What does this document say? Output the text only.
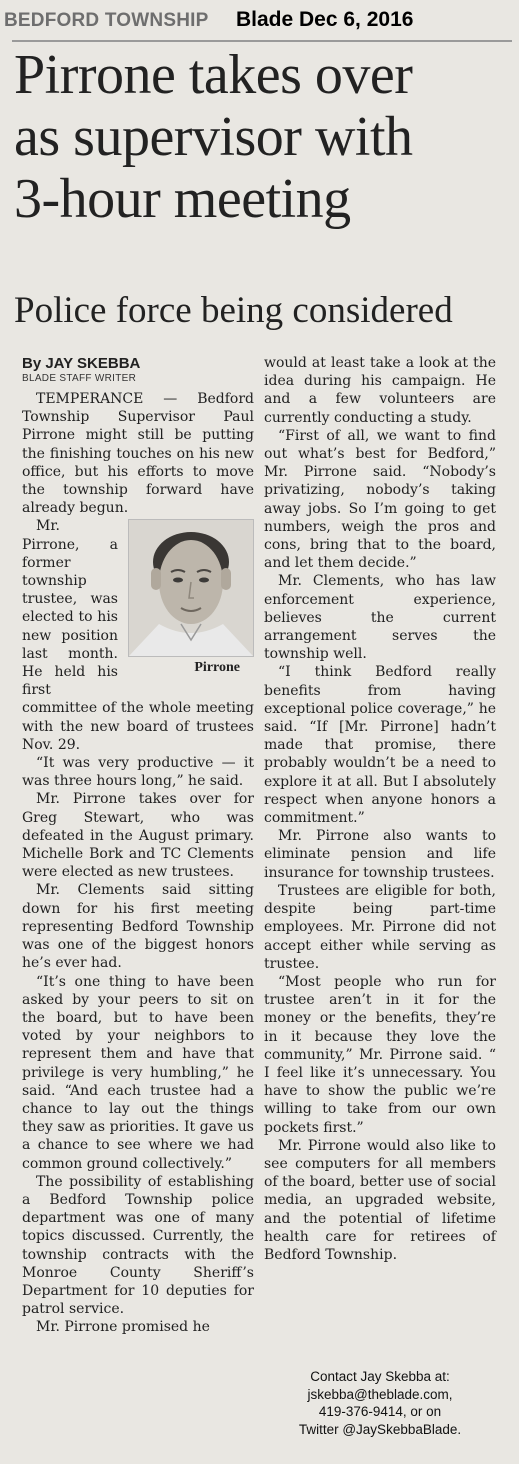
BEDFORD TOWNSHIP Blade Dec 6, 2016
Pirrone takes over
as supervisor with
3-hour meeting
Police force being considered
By JAY SKEBBA
BLADE STAFF WRITER

TEMPERANCE — Bedford Township Supervisor Paul Pirrone might still be putting the finishing touches on his new office, but his efforts to move the township forward have already begun.

Pirrone

Mr. Pirrone, a former township trustee, was elected to his new position last month. He held his first committee of the whole meeting with the new board of trustees Nov. 29.

“It was very productive — it was three hours long,” he said.

Mr. Pirrone takes over for Greg Stewart, who was defeated in the August primary. Michelle Bork and TC Clements were elected as new trustees.

Mr. Clements said sitting down for his first meeting representing Bedford Township was one of the biggest honors he’s ever had.

“It’s one thing to have been asked by your peers to sit on the board, but to have been voted by your neighbors to represent them and have that privilege is very humbling,” he said. “And each trustee had a chance to lay out the things they saw as priorities. It gave us a chance to see where we had common ground collectively.”

The possibility of establishing a Bedford Township police department was one of many topics discussed. Currently, the township contracts with the Monroe County Sheriff’s Department for 10 deputies for patrol service.

Mr. Pirrone promised he

would at least take a look at the idea during his campaign. He and a few volunteers are currently conducting a study.

“First of all, we want to find out what’s best for Bedford,” Mr. Pirrone said. “Nobody’s privatizing, nobody’s taking away jobs. So I’m going to get numbers, weigh the pros and cons, bring that to the board, and let them decide.”

Mr. Clements, who has law enforcement experience, believes the current arrangement serves the township well.

“I think Bedford really benefits from having exceptional police coverage,” he said. “If [Mr. Pirrone] hadn’t made that promise, there probably wouldn’t be a need to explore it at all. But I absolutely respect when anyone honors a commitment.”

Mr. Pirrone also wants to eliminate pension and life insurance for township trustees.

Trustees are eligible for both, despite being part-time employees. Mr. Pirrone did not accept either while serving as trustee.

“Most people who run for trustee aren’t in it for the money or the benefits, they’re in it because they love the community,” Mr. Pirrone said. “ I feel like it’s unnecessary. You have to show the public we’re willing to take from our own pockets first.”

Mr. Pirrone would also like to see computers for all members of the board, better use of social media, an upgraded website, and the potential of lifetime health care for retirees of Bedford Township.

Contact Jay Skebba at:
jskebba@theblade.com,
419-376-9414, or on
Twitter @JaySkebbaBlade.
